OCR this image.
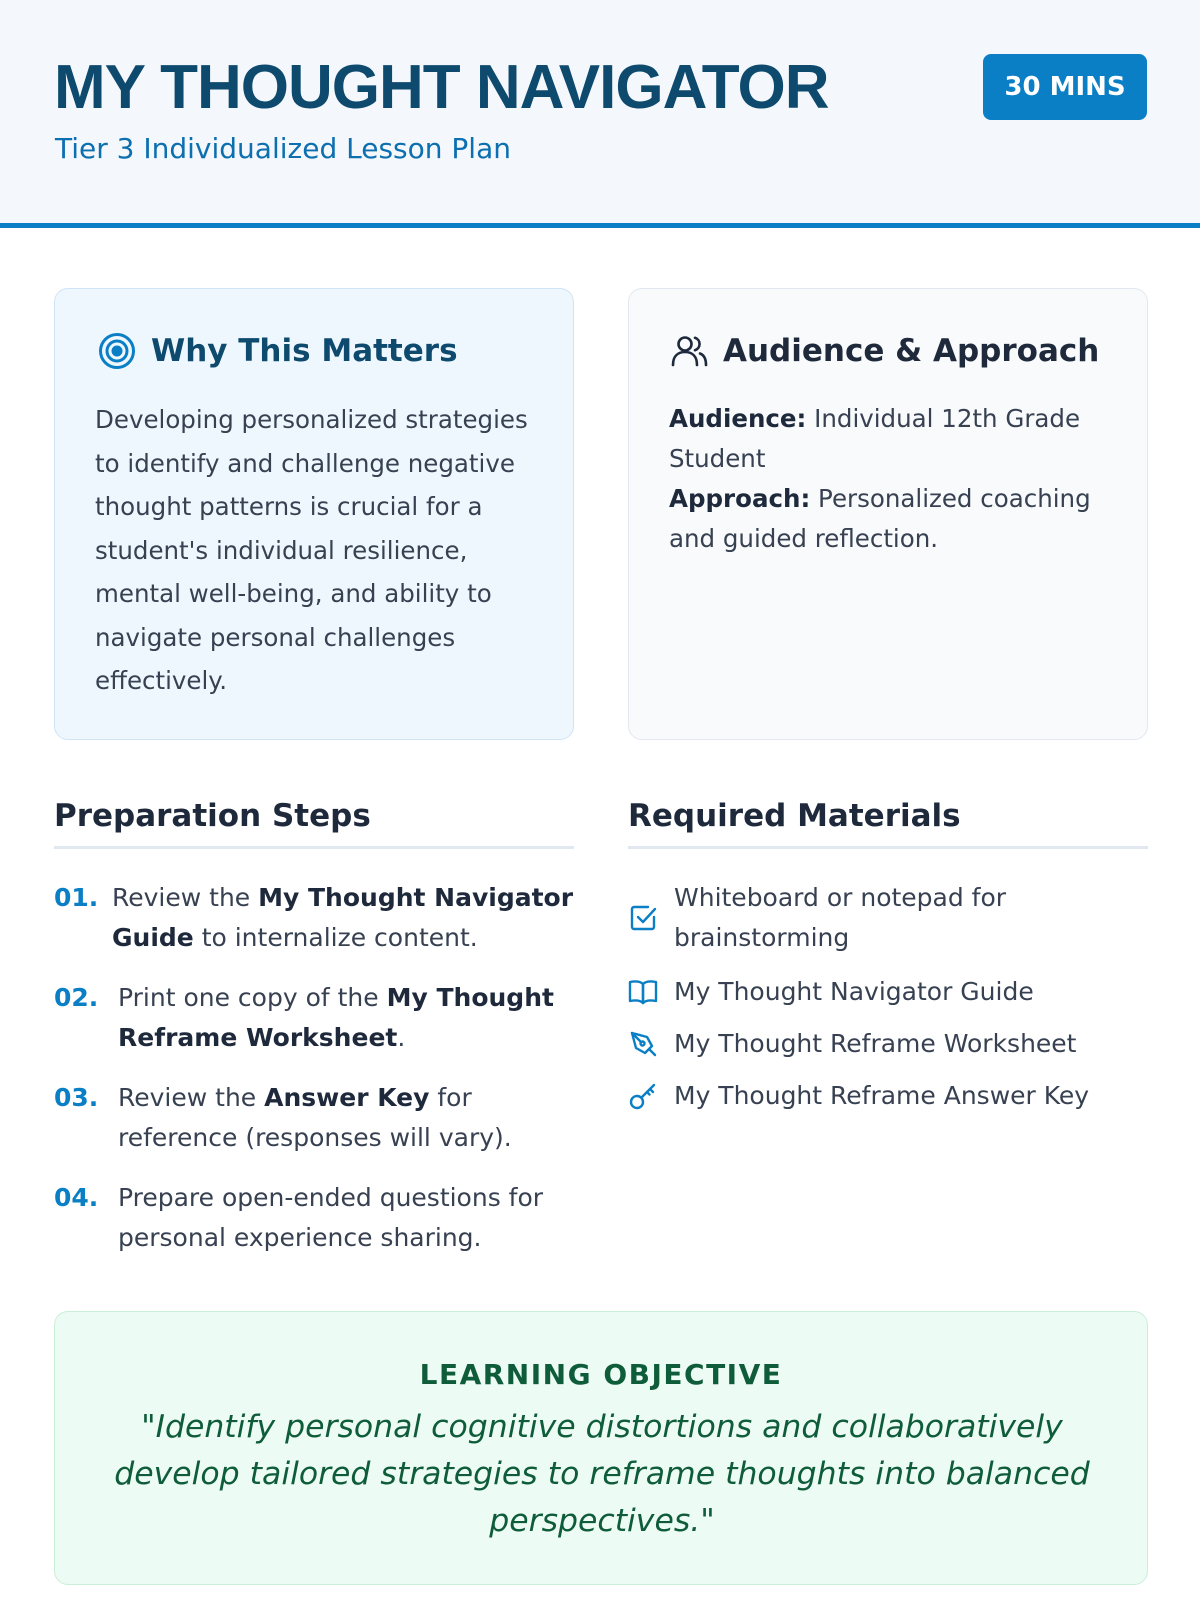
MY THOUGHT NAVIGATOR
Tier 3 Individualized Lesson Plan
30 MINS
Why This Matters

Developing personalized strategies to identify and challenge negative thought patterns is crucial for a student's individual resilience, mental well-being, and ability to navigate personal challenges effectively.

Audience & Approach
Audience: Individual 12th Grade Student
Approach: Personalized coaching and guided reflection.
Preparation Steps
01. Review the My Thought Navigator Guide to internalize content.
02. Print one copy of the My Thought Reframe Worksheet.
03. Review the Answer Key for reference (responses will vary).
04. Prepare open-ended questions for personal experience sharing.
Required Materials
Whiteboard or notepad for brainstorming
My Thought Navigator Guide
My Thought Reframe Worksheet
My Thought Reframe Answer Key
LEARNING OBJECTIVE
"Identify personal cognitive distortions and collaboratively develop tailored strategies to reframe thoughts into balanced perspectives."
